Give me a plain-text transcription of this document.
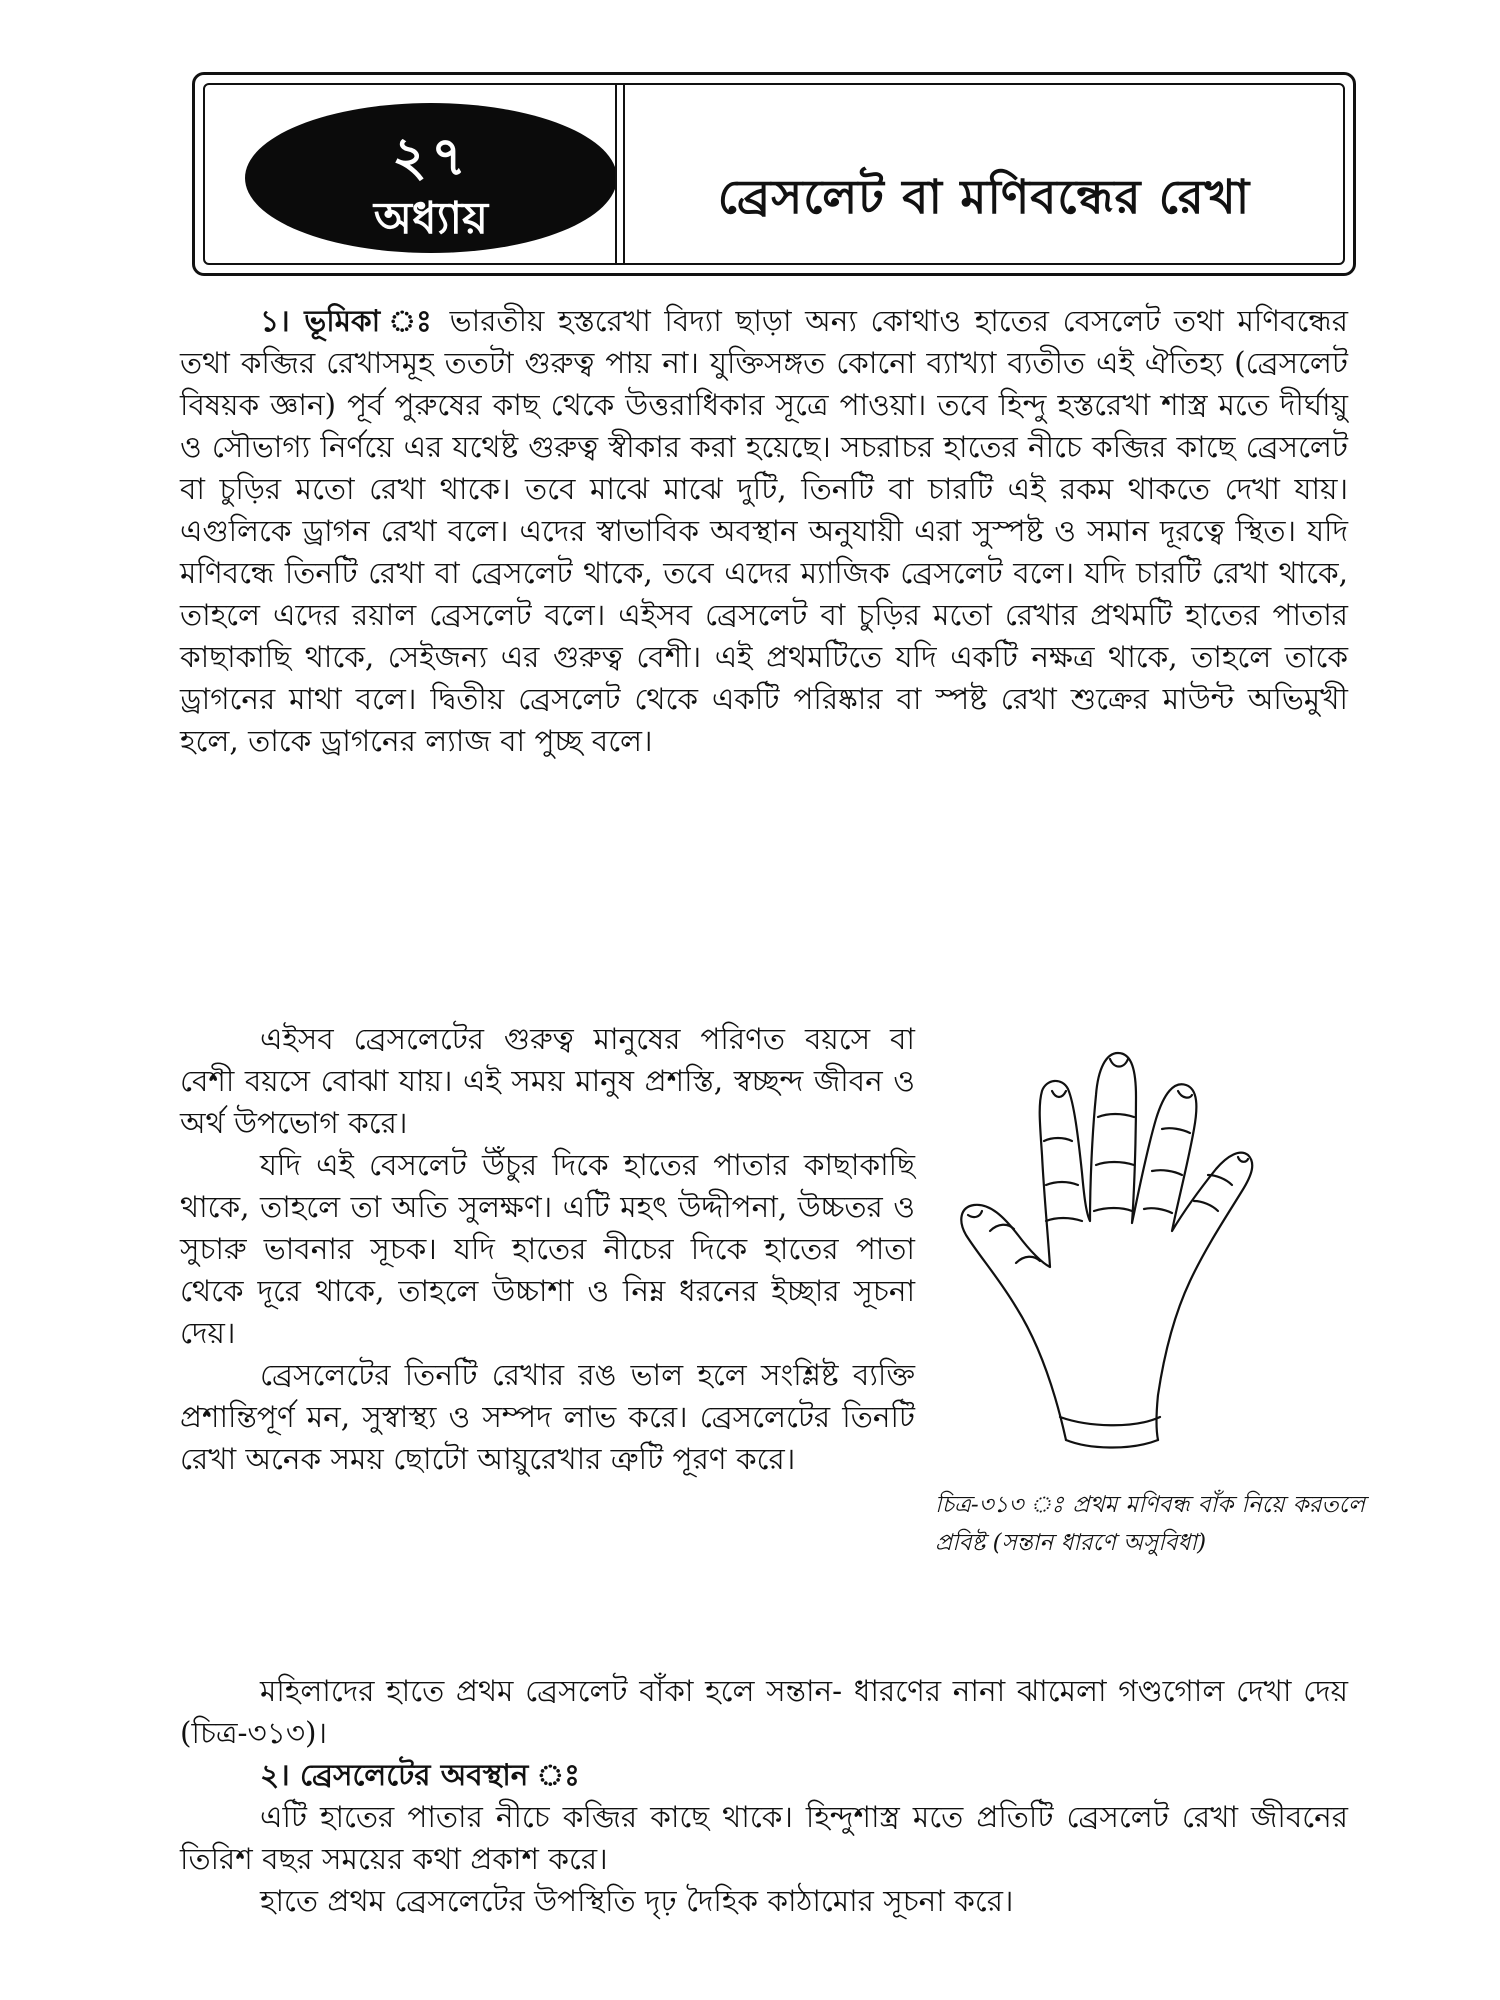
২৭
অধ্যায়	ব্রেসলেট বা মণিবন্ধের রেখা

১। ভূমিকা ঃ ভারতীয় হস্তরেখা বিদ্যা ছাড়া অন্য কোথাও হাতের বেসলেট তথা মণিবন্ধের তথা কব্জির রেখাসমূহ ততটা গুরুত্ব পায় না। যুক্তিসঙ্গত কোনো ব্যাখ্যা ব্যতীত এই ঐতিহ্য (ব্রেসলেট বিষয়ক জ্ঞান) পূর্ব পুরুষের কাছ থেকে উত্তরাধিকার সূত্রে পাওয়া। তবে হিন্দু হস্তরেখা শাস্ত্র মতে দীর্ঘায়ু ও সৌভাগ্য নির্ণয়ে এর যথেষ্ট গুরুত্ব স্বীকার করা হয়েছে। সচরাচর হাতের নীচে কব্জির কাছে ব্রেসলেট বা চুড়ির মতো রেখা থাকে। তবে মাঝে মাঝে দুটি, তিনটি বা চারটি এই রকম থাকতে দেখা যায়। এগুলিকে ড্রাগন রেখা বলে। এদের স্বাভাবিক অবস্থান অনুযায়ী এরা সুস্পষ্ট ও সমান দূরত্বে স্থিত। যদি মণিবন্ধে তিনটি রেখা বা ব্রেসলেট থাকে, তবে এদের ম্যাজিক ব্রেসলেট বলে। যদি চারটি রেখা থাকে, তাহলে এদের রয়াল ব্রেসলেট বলে। এইসব ব্রেসলেট বা চুড়ির মতো রেখার প্রথমটি হাতের পাতার কাছাকাছি থাকে, সেইজন্য এর গুরুত্ব বেশী। এই প্রথমটিতে যদি একটি নক্ষত্র থাকে, তাহলে তাকে ড্রাগনের মাথা বলে। দ্বিতীয় ব্রেসলেট থেকে একটি পরিষ্কার বা স্পষ্ট রেখা শুক্রের মাউন্ট অভিমুখী হলে, তাকে ড্রাগনের ল্যাজ বা পুচ্ছ বলে।

এইসব ব্রেসলেটের গুরুত্ব মানুষের পরিণত বয়সে বা বেশী বয়সে বোঝা যায়। এই সময় মানুষ প্রশস্তি, স্বচ্ছন্দ জীবন ও অর্থ উপভোগ করে।

যদি এই বেসলেট উঁচুর দিকে হাতের পাতার কাছাকাছি থাকে, তাহলে তা অতি সুলক্ষণ। এটি মহৎ উদ্দীপনা, উচ্চতর ও সুচারু ভাবনার সূচক। যদি হাতের নীচের দিকে হাতের পাতা থেকে দূরে থাকে, তাহলে উচ্চাশা ও নিম্ন ধরনের ইচ্ছার সূচনা দেয়।

ব্রেসলেটের তিনটি রেখার রঙ ভাল হলে সংশ্লিষ্ট ব্যক্তি প্রশান্তিপূর্ণ মন, সুস্বাস্থ্য ও সম্পদ লাভ করে। ব্রেসলেটের তিনটি রেখা অনেক সময় ছোটো আয়ুরেখার ত্রুটি পূরণ করে।

চিত্র-৩১৩ ঃ প্রথম মণিবন্ধ বাঁক নিয়ে করতলে প্রবিষ্ট (সন্তান ধারণে অসুবিধা)

মহিলাদের হাতে প্রথম ব্রেসলেট বাঁকা হলে সন্তান- ধারণের নানা ঝামেলা গণ্ডগোল দেখা দেয় (চিত্র-৩১৩)।

২। ব্রেসলেটের অবস্থান ঃ

এটি হাতের পাতার নীচে কব্জির কাছে থাকে। হিন্দুশাস্ত্র মতে প্রতিটি ব্রেসলেট রেখা জীবনের তিরিশ বছর সময়ের কথা প্রকাশ করে।

হাতে প্রথম ব্রেসলেটের উপস্থিতি দৃঢ় দৈহিক কাঠামোর সূচনা করে।
